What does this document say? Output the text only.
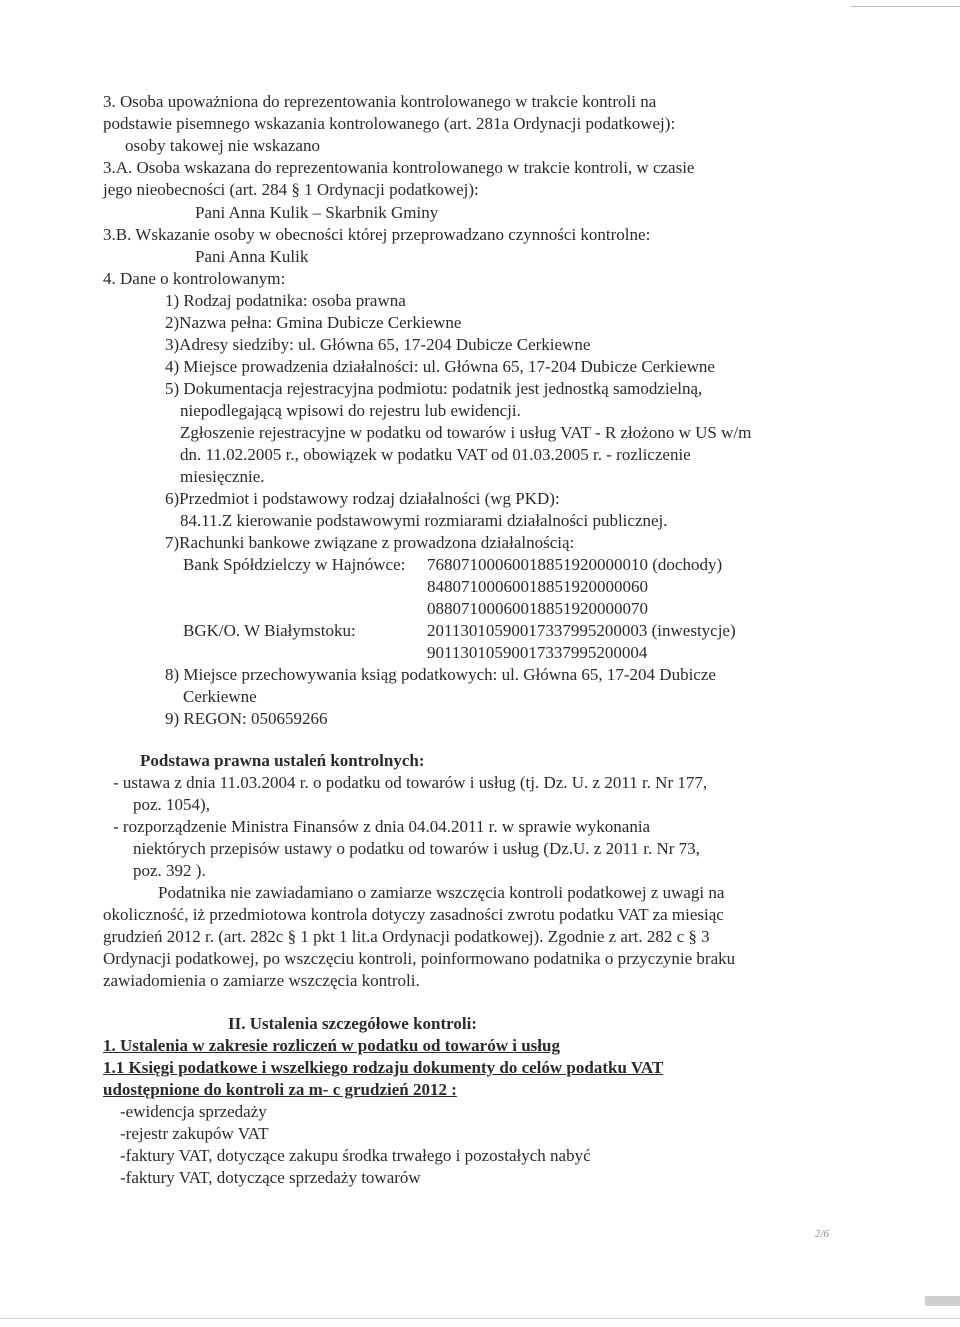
3. Osoba upoważniona do reprezentowania kontrolowanego w trakcie kontroli na
podstawie pisemnego wskazania kontrolowanego (art. 281a Ordynacji podatkowej):
osoby takowej nie wskazano
3.A. Osoba wskazana do reprezentowania kontrolowanego w trakcie kontroli, w czasie
jego nieobecności (art. 284 § 1 Ordynacji podatkowej):
Pani Anna Kulik – Skarbnik Gminy
3.B. Wskazanie osoby w obecności której przeprowadzano czynności kontrolne:
Pani Anna Kulik
4. Dane o kontrolowanym:
1) Rodzaj podatnika: osoba prawna
2)Nazwa pełna: Gmina Dubicze Cerkiewne
3)Adresy siedziby: ul. Główna 65, 17-204 Dubicze Cerkiewne
4) Miejsce prowadzenia działalności: ul. Główna 65, 17-204 Dubicze Cerkiewne
5) Dokumentacja rejestracyjna podmiotu: podatnik jest jednostką samodzielną,
niepodlegającą wpisowi do rejestru lub ewidencji.
Zgłoszenie rejestracyjne w podatku od towarów i usług VAT - R złożono w US w/m
dn. 11.02.2005 r., obowiązek w podatku VAT od 01.03.2005 r. - rozliczenie
miesięcznie.
6)Przedmiot i podstawowy rodzaj działalności (wg PKD):
84.11.Z kierowanie podstawowymi rozmiarami działalności publicznej.
7)Rachunki bankowe związane z prowadzona działalnością:
Bank Spółdzielczy w Hajnówce: 76807100060018851920000010 (dochody)
84807100060018851920000060
08807100060018851920000070
BGK/O. W Białymstoku:	20113010590017337995200003 (inwestycje)
90113010590017337995200004
8) Miejsce przechowywania ksiąg podatkowych: ul. Główna 65, 17-204 Dubicze
Cerkiewne
9) REGON: 050659266
Podstawa prawna ustaleń kontrolnych:
- ustawa z dnia 11.03.2004 r. o podatku od towarów i usług (tj. Dz. U. z 2011 r. Nr 177,
poz. 1054),
- rozporządzenie Ministra Finansów z dnia 04.04.2011 r. w sprawie wykonania
niektórych przepisów ustawy o podatku od towarów i usług (Dz.U. z 2011 r. Nr 73,
poz. 392 ).
Podatnika nie zawiadamiano o zamiarze wszczęcia kontroli podatkowej z uwagi na
okoliczność, iż przedmiotowa kontrola dotyczy zasadności zwrotu podatku VAT za miesiąc
grudzień 2012 r. (art. 282c § 1 pkt 1 lit.a Ordynacji podatkowej). Zgodnie z art. 282 c § 3
Ordynacji podatkowej, po wszczęciu kontroli, poinformowano podatnika o przyczynie braku
zawiadomienia o zamiarze wszczęcia kontroli.
II. Ustalenia szczegółowe kontroli:
1. Ustalenia w zakresie rozliczeń w podatku od towarów i usług
1.1 Księgi podatkowe i wszelkiego rodzaju dokumenty do celów podatku VAT
udostępnione do kontroli za m- c grudzień 2012 :
-ewidencja sprzedaży
-rejestr zakupów VAT
-faktury VAT, dotyczące zakupu środka trwałego i pozostałych nabyć
-faktury VAT, dotyczące sprzedaży towarów
2/6
